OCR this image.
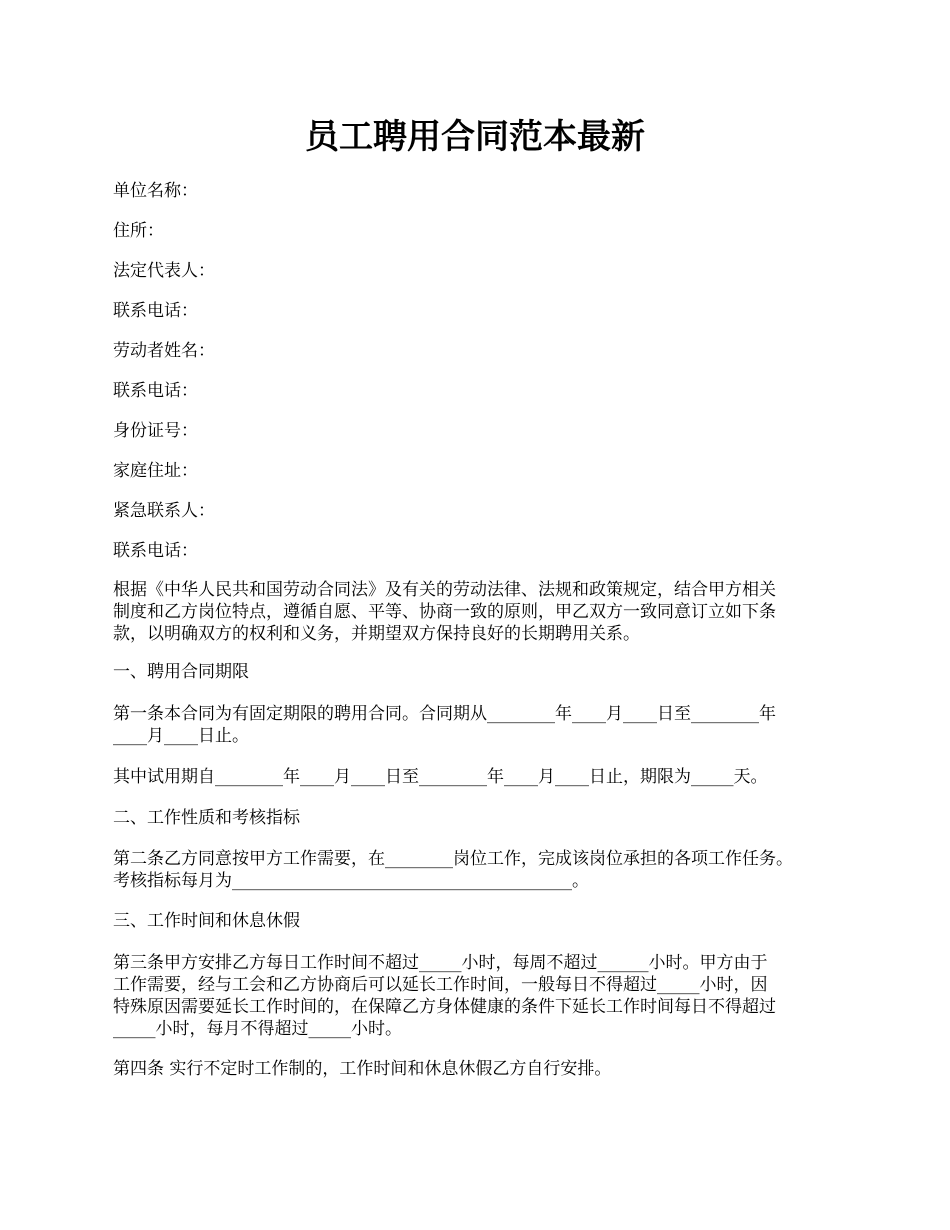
员工聘用合同范本最新

单位名称：

住所：

法定代表人：

联系电话：

劳动者姓名：

联系电话：

身份证号：

家庭住址：

紧急联系人：

联系电话：

根据《中华人民共和国劳动合同法》及有关的劳动法律、法规和政策规定，结合甲方相关

制度和乙方岗位特点，遵循自愿、平等、协商一致的原则，甲乙双方一致同意订立如下条

款，以明确双方的权利和义务，并期望双方保持良好的长期聘用关系。

一、聘用合同期限

第一条本合同为有固定期限的聘用合同。合同期从________年____月____日至________年

____月____日止。

其中试用期自________年____月____日至________年____月____日止，期限为_____天。

二、工作性质和考核指标

第二条乙方同意按甲方工作需要，在________岗位工作，完成该岗位承担的各项工作任务。

考核指标每月为________________________________________。

三、工作时间和休息休假

第三条甲方安排乙方每日工作时间不超过_____小时，每周不超过______小时。甲方由于

工作需要，经与工会和乙方协商后可以延长工作时间，一般每日不得超过_____小时，因

特殊原因需要延长工作时间的，在保障乙方身体健康的条件下延长工作时间每日不得超过

_____小时，每月不得超过_____小时。

第四条 实行不定时工作制的，工作时间和休息休假乙方自行安排。
